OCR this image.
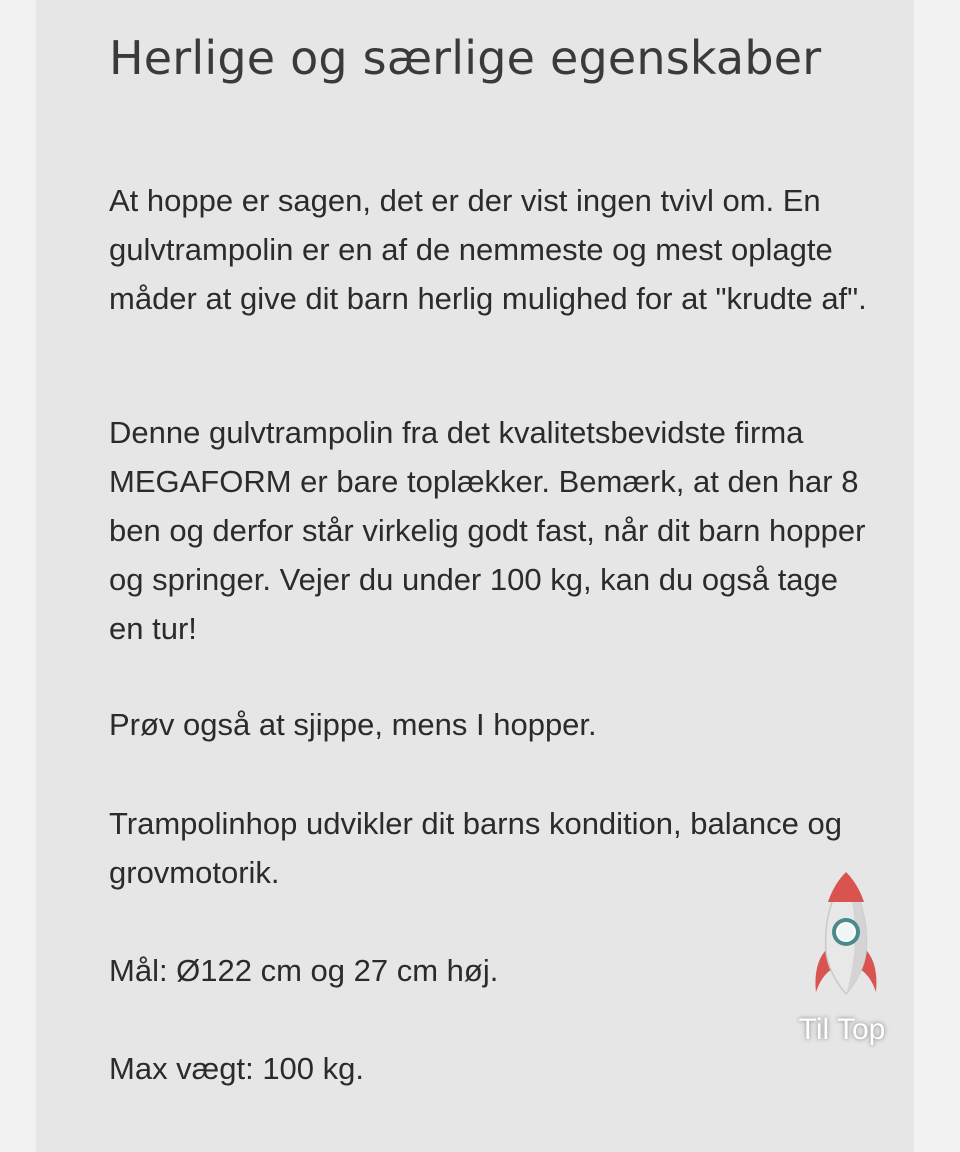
Herlige og særlige egenskaber

At hoppe er sagen, det er der vist ingen tvivl om. En gulvtrampolin er en af de nemmeste og mest oplagte måder at give dit barn herlig mulighed for at "krudte af".

Denne gulvtrampolin fra det kvalitetsbevidste firma MEGAFORM er bare toplækker. Bemærk, at den har 8 ben og derfor står virkelig godt fast, når dit barn hopper og springer. Vejer du under 100 kg, kan du også tage en tur!

Prøv også at sjippe, mens I hopper.

Trampolinhop udvikler dit barns kondition, balance og grovmotorik.

Mål: Ø122 cm og 27 cm høj.

Max vægt: 100 kg.

Til Top
